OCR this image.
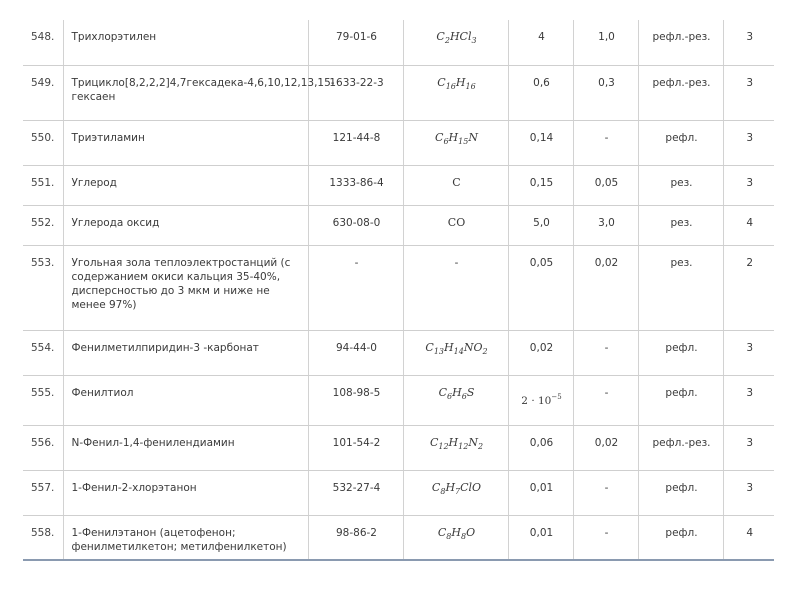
548.	Трихлорэтилен	79-01-6	$C_2HCl_3$	4	1,0	рефл.-рез.	3
549.	Трицикло[8,2,2,2]4,7гексадека-4,6,10,12,13,15-гексаен	1633-22-3	$C_{16}H_{16}$	0,6	0,3	рефл.-рез.	3
550.	Триэтиламин	121-44-8	$C_6H_{15}N$	0,14	-	рефл.	3
551.	Углерод	1333-86-4	C	0,15	0,05	рез.	3
552.	Углерода оксид	630-08-0	CO	5,0	3,0	рез.	4
553.	Угольная зола теплоэлектростанций (с содержанием окиси кальция 35-40%, дисперсностью до 3 мкм и ниже не менее 97%)	-	-	0,05	0,02	рез.	2
554.	Фенилметилпиридин-3 -карбонат	94-44-0	$C_{13}H_{14}NO_2$	0,02	-	рефл.	3
555.	Фенилтиол	108-98-5	$C_6H_6S$	$2 \cdot 10^{-5}$	-	рефл.	3
556.	N-Фенил-1,4-фенилендиамин	101-54-2	$C_{12}H_{12}N_2$	0,06	0,02	рефл.-рез.	3
557.	1-Фенил-2-хлорэтанон	532-27-4	$C_8H_7ClO$	0,01	-	рефл.	3
558.	1-Фенилэтанон (ацетофенон; фенилметилкетон; метилфенилкетон)	98-86-2	$C_8H_8O$	0,01	-	рефл.	4
